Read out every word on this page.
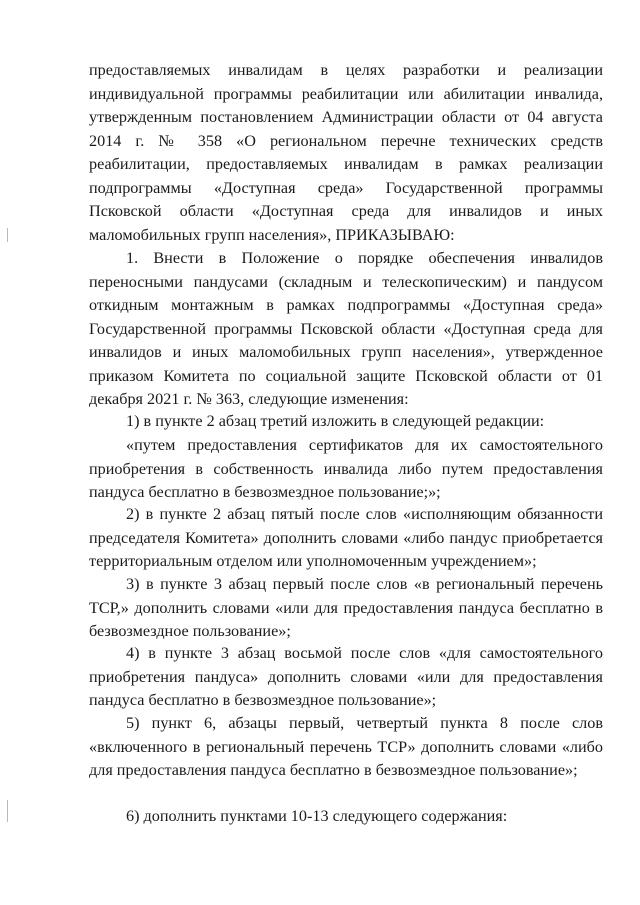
предоставляемых инвалидам в целях разработки и реализации индивидуальной программы реабилитации или абилитации инвалида, утвержденным постановлением Администрации области от 04 августа 2014 г. № 358 «О региональном перечне технических средств реабилитации, предоставляемых инвалидам в рамках реализации подпрограммы «Доступная среда» Государственной программы Псковской области «Доступная среда для инвалидов и иных маломобильных групп населения», ПРИКАЗЫВАЮ:

1. Внести в Положение о порядке обеспечения инвалидов переносными пандусами (складным и телескопическим) и пандусом откидным монтажным в рамках подпрограммы «Доступная среда» Государственной программы Псковской области «Доступная среда для инвалидов и иных маломобильных групп населения», утвержденное приказом Комитета по социальной защите Псковской области от 01 декабря 2021 г. № 363, следующие изменения:

1) в пункте 2 абзац третий изложить в следующей редакции:

«путем предоставления сертификатов для их самостоятельного приобретения в собственность инвалида либо путем предоставления пандуса бесплатно в безвозмездное пользование;»;

2) в пункте 2 абзац пятый после слов «исполняющим обязанности председателя Комитета» дополнить словами «либо пандус приобретается территориальным отделом или уполномоченным учреждением»;

3) в пункте 3 абзац первый после слов «в региональный перечень ТСР,» дополнить словами «или для предоставления пандуса бесплатно в безвозмездное пользование»;

4) в пункте 3 абзац восьмой после слов «для самостоятельного приобретения пандуса» дополнить словами «или для предоставления пандуса бесплатно в безвозмездное пользование»;

5) пункт 6, абзацы первый, четвертый пункта 8 после слов «включенного в региональный перечень ТСР» дополнить словами «либо для предоставления пандуса бесплатно в безвозмездное пользование»;

6) дополнить пунктами 10-13 следующего содержания:
